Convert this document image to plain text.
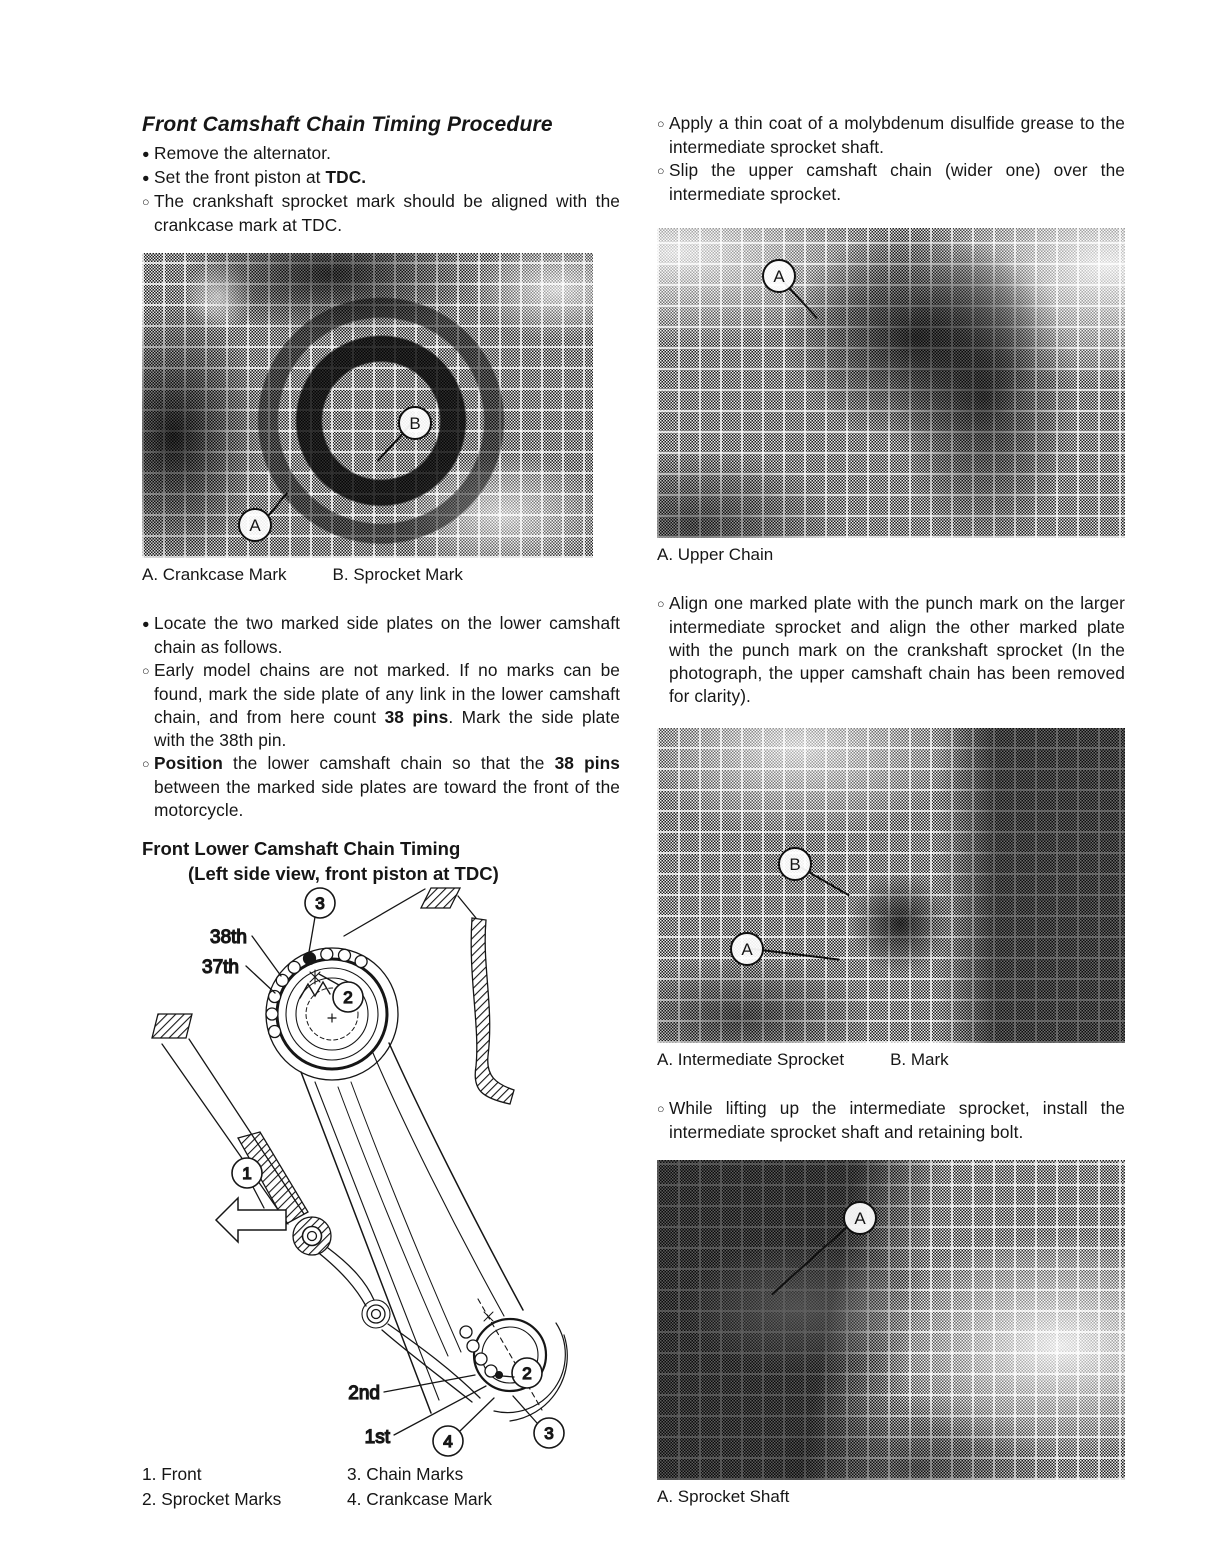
Front Camshaft Chain Timing Procedure
● Remove the alternator.
● Set the front piston at TDC.
○ The crankshaft sprocket mark should be aligned with the crankcase mark at TDC.
A
B
A. Crankcase Mark	B. Sprocket Mark
● Locate the two marked side plates on the lower camshaft chain as follows.
○ Early model chains are not marked. If no marks can be found, mark the side plate of any link in the lower camshaft chain, and from here count 38 pins. Mark the side plate with the 38th pin.
○ Position the lower camshaft chain so that the 38 pins between the marked side plates are toward the front of the motorcycle.
Front Lower Camshaft Chain Timing
(Left side view, front piston at TDC)
38th
37th
3
2
1
2nd
1st	4	3
2
1. Front
2. Sprocket Marks
3. Chain Marks
4. Crankcase Mark
○ Apply a thin coat of a molybdenum disulfide grease to the intermediate sprocket shaft.
○ Slip the upper camshaft chain (wider one) over the intermediate sprocket.
A
A. Upper Chain
○ Align one marked plate with the punch mark on the larger intermediate sprocket and align the other marked plate with the punch mark on the crankshaft sprocket (In the photograph, the upper camshaft chain has been removed for clarity).
B
A
A. Intermediate Sprocket	B. Mark
○ While lifting up the intermediate sprocket, install the intermediate sprocket shaft and retaining bolt.
A
A. Sprocket Shaft
